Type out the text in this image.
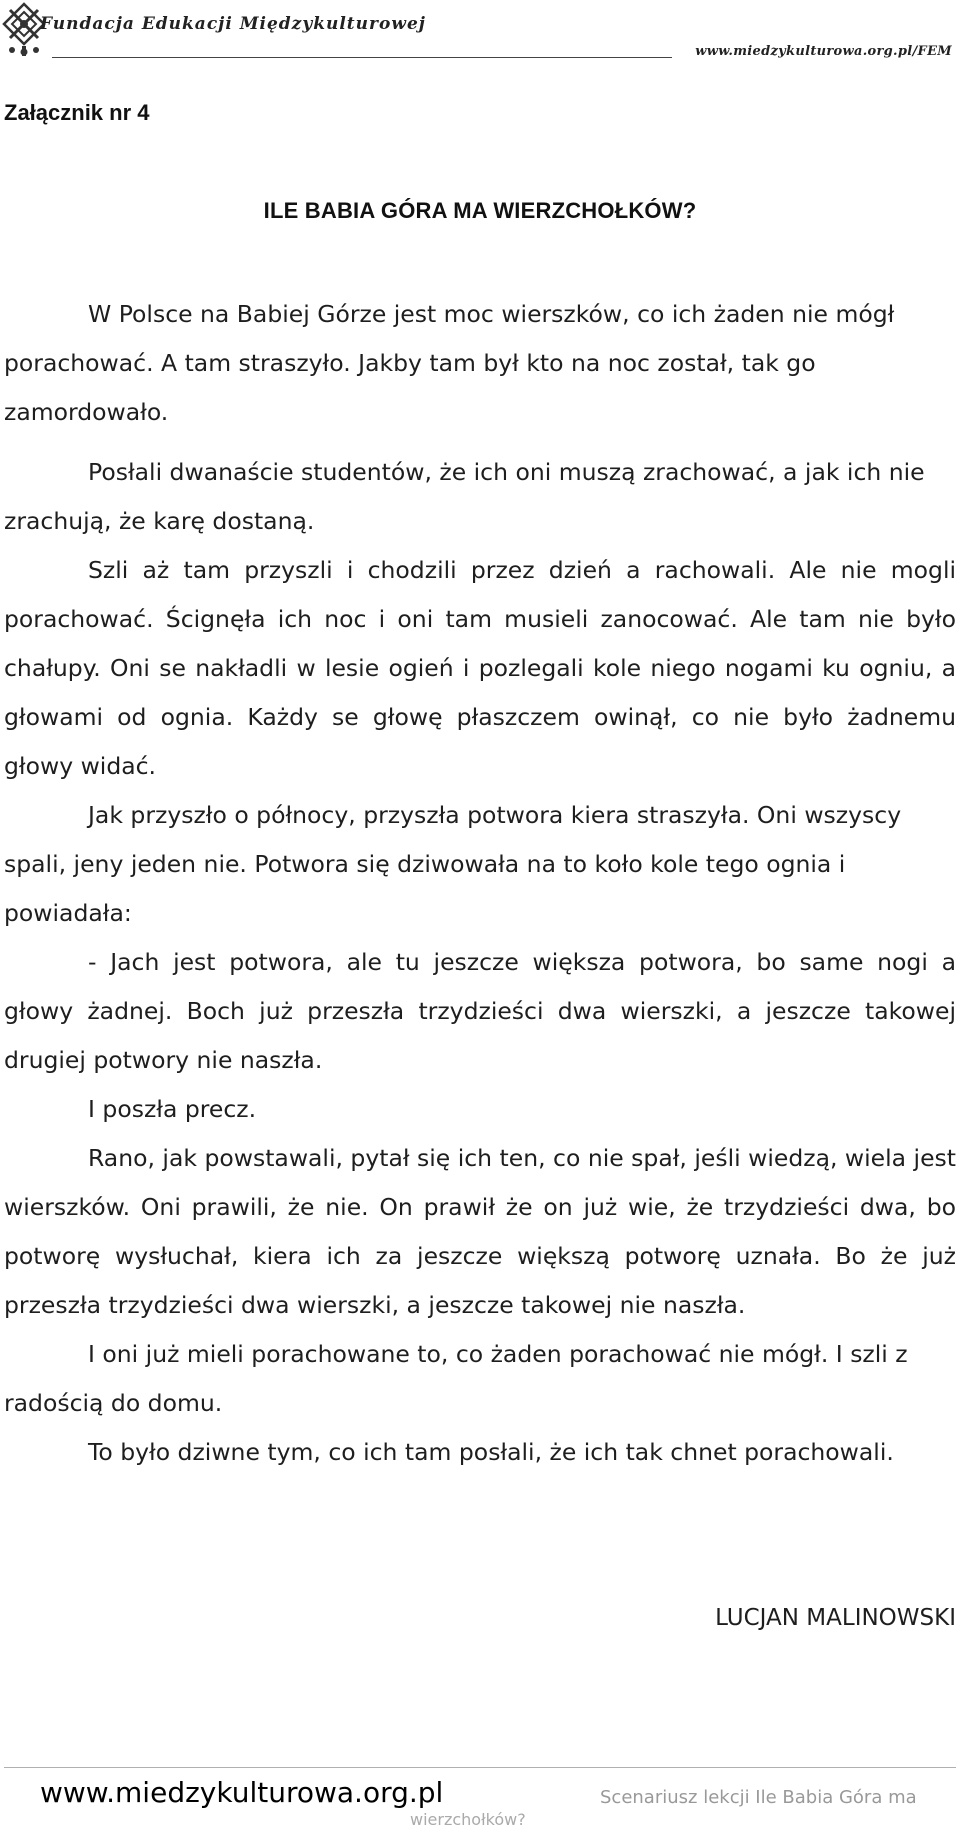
Fundacja Edukacji Międzykulturowej
www.miedzykulturowa.org.pl/FEM
Załącznik nr 4
ILE BABIA GÓRA MA WIERZCHOŁKÓW?

W Polsce na Babiej Górze jest moc wierszków, co ich żaden nie mógł porachować. A tam straszyło. Jakby tam był kto na noc został, tak go zamordowało.

Posłali dwanaście studentów, że ich oni muszą zrachować, a jak ich nie zrachują, że karę dostaną.

Szli aż tam przyszli i chodzili przez dzień a rachowali. Ale nie mogli porachować. Ścignęła ich noc i oni tam musieli zanocować. Ale tam nie było chałupy. Oni se nakładli w lesie ogień i pozlegali kole niego nogami ku ogniu, a głowami od ognia. Każdy se głowę płaszczem owinął, co nie było żadnemu głowy widać.

Jak przyszło o północy, przyszła potwora kiera straszyła. Oni wszyscy spali, jeny jeden nie. Potwora się dziwowała na to koło kole tego ognia i powiadała:

- Jach jest potwora, ale tu jeszcze większa potwora, bo same nogi a głowy żadnej. Boch już przeszła trzydzieści dwa wierszki, a jeszcze takowej drugiej potwory nie naszła.

I poszła precz.

Rano, jak powstawali, pytał się ich ten, co nie spał, jeśli wiedzą, wiela jest wierszków. Oni prawili, że nie. On prawił że on już wie, że trzydzieści dwa, bo potworę wysłuchał, kiera ich za jeszcze większą potworę uznała. Bo że już przeszła trzydzieści dwa wierszki, a jeszcze takowej nie naszła.

I oni już mieli porachowane to, co żaden porachować nie mógł. I szli z radością do domu.

To było dziwne tym, co ich tam posłali, że ich tak chnet porachowali.

LUCJAN MALINOWSKI
www.miedzykulturowa.org.pl	Scenariusz lekcji Ile Babia Góra ma
wierzchołków?
